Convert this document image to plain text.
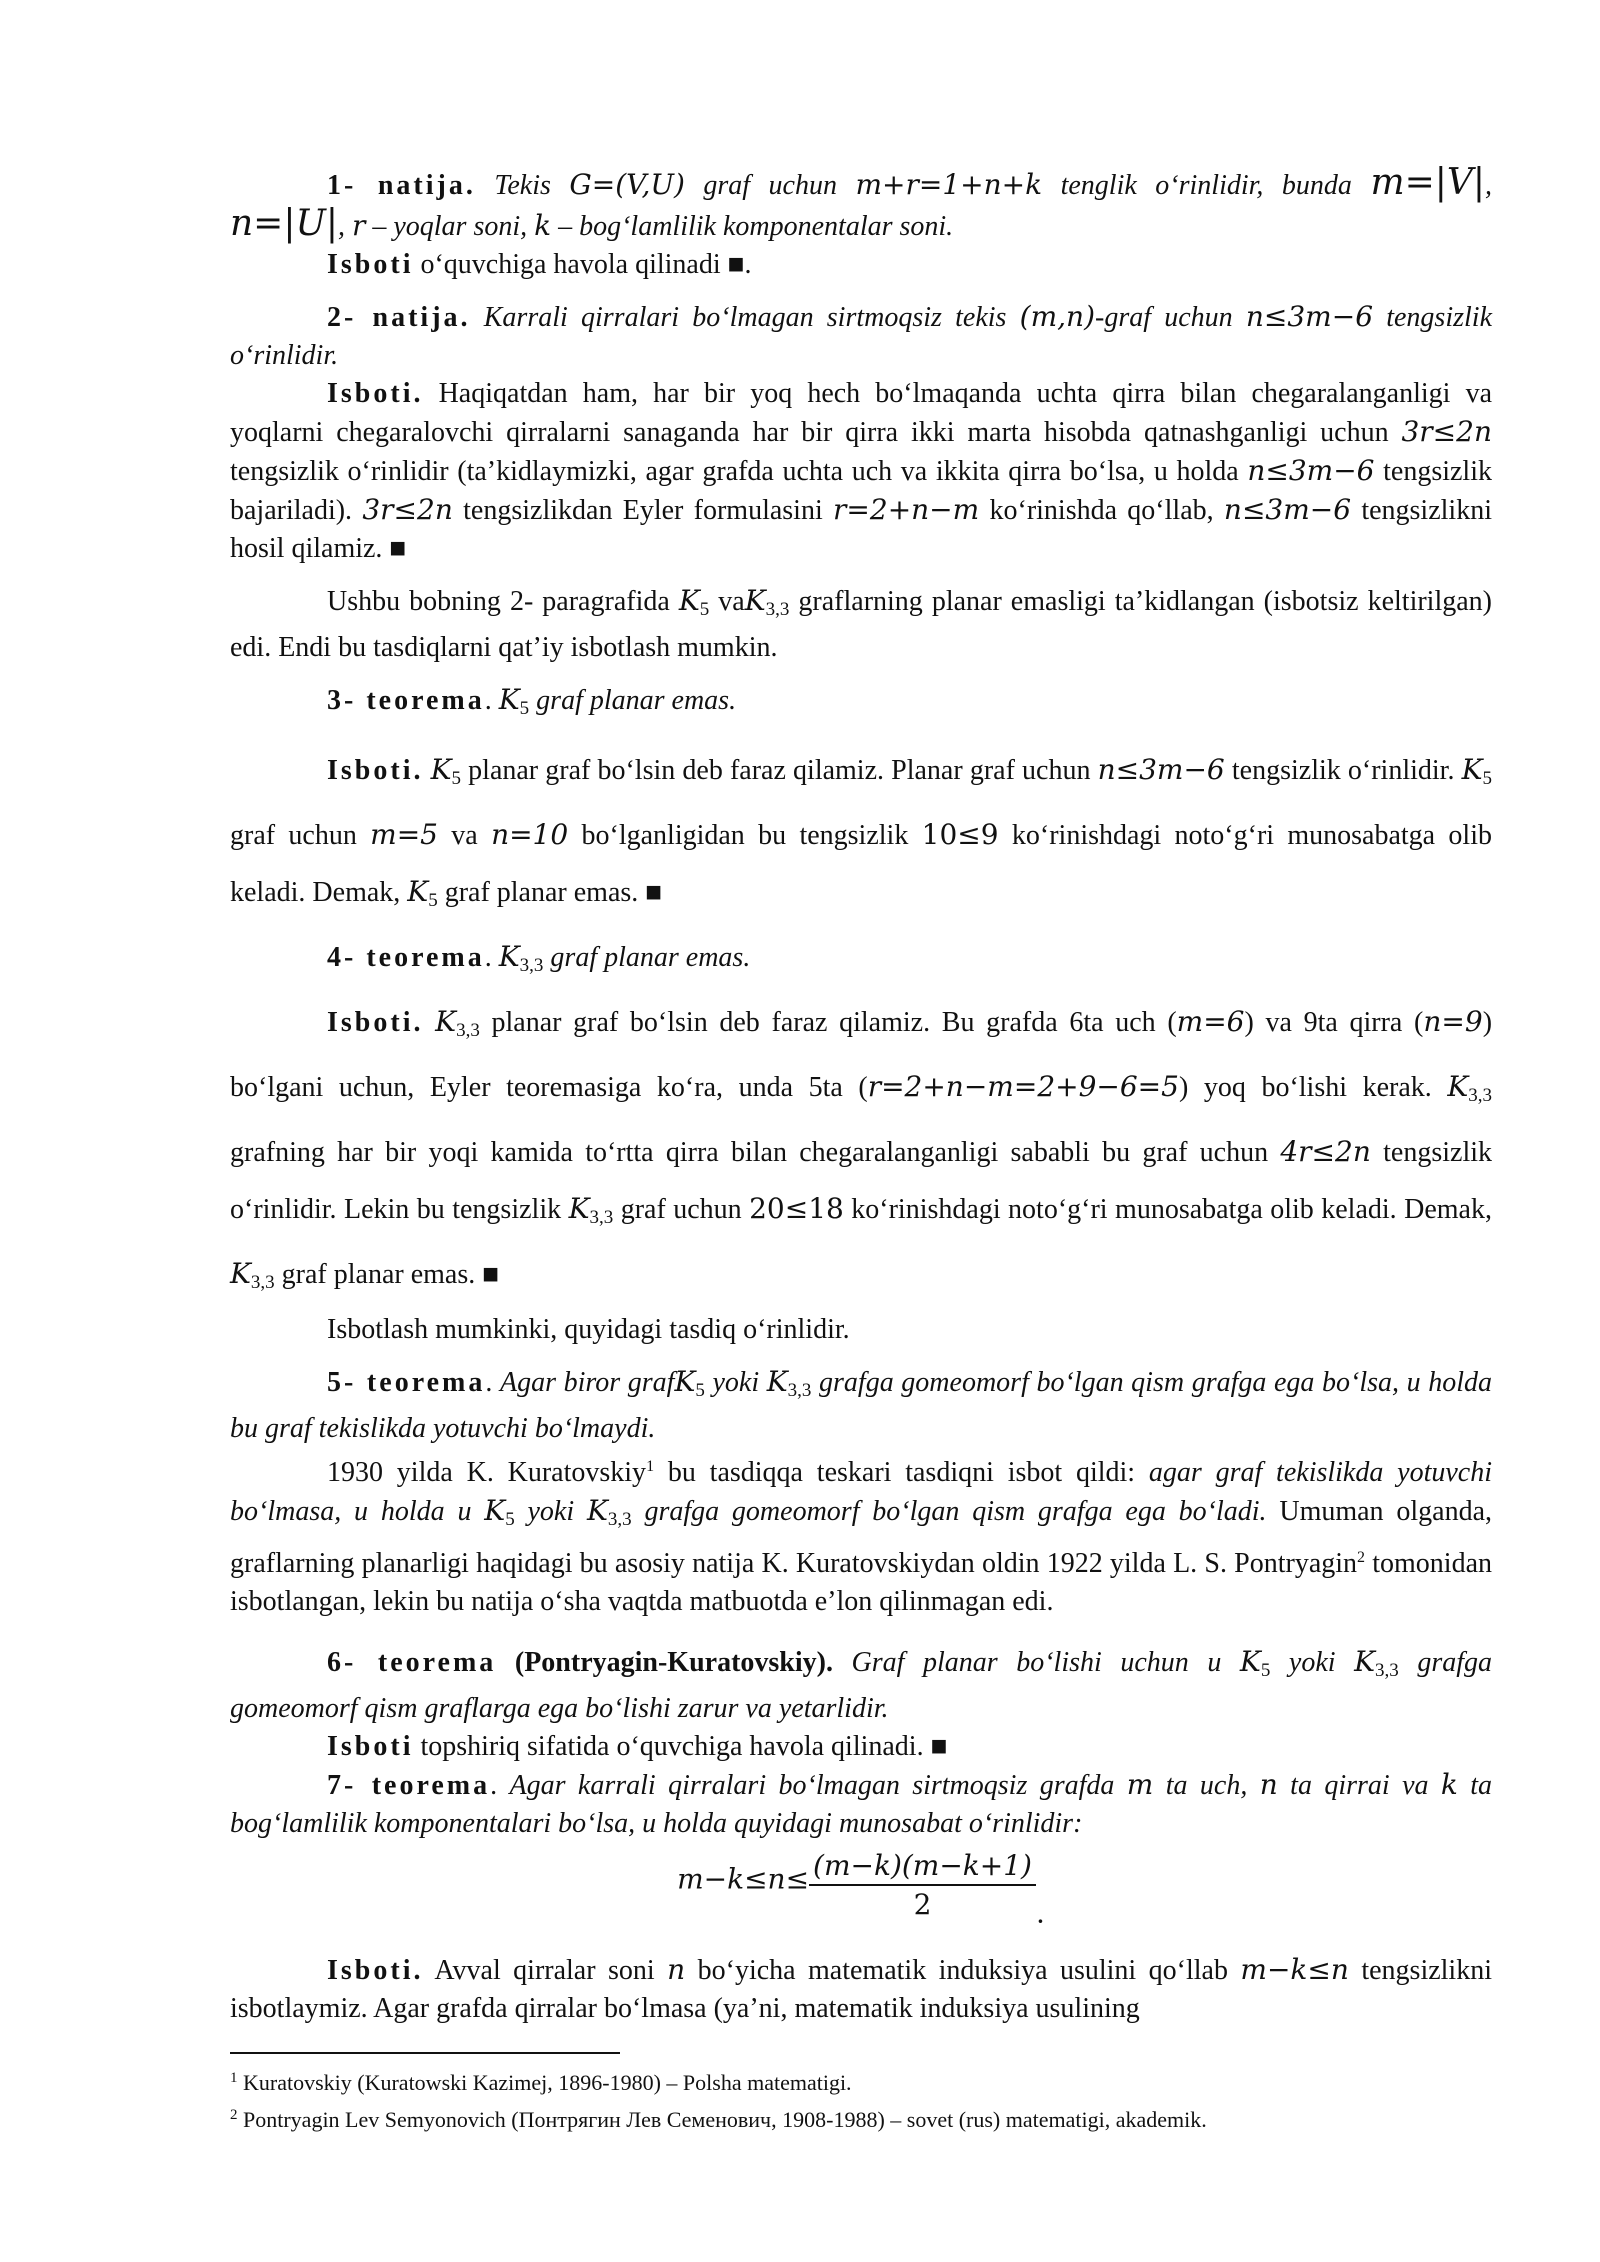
1- natija. Tekis G=(V,U) graf uchun m+r=1+n+k tenglik o‘rinlidir, bunda m=|V|, n=|U|, r – yoqlar soni, k – bog‘lamlilik komponentalar soni.

Isboti o‘quvchiga havola qilinadi ■.

2- natija. Karrali qirralari bo‘lmagan sirtmoqsiz tekis (m,n)-graf uchun n≤3m−6 tengsizlik o‘rinlidir.

Isboti. Haqiqatdan ham, har bir yoq hech bo‘lmaqanda uchta qirra bilan chegaralanganligi va yoqlarni chegaralovchi qirralarni sanaganda har bir qirra ikki marta hisobda qatnashganligi uchun 3r≤2n tengsizlik o‘rinlidir (ta’kidlaymizki, agar grafda uchta uch va ikkita qirra bo‘lsa, u holda n≤3m−6 tengsizlik bajariladi). 3r≤2n tengsizlikdan Eyler formulasini r=2+n−m ko‘rinishda qo‘llab, n≤3m−6 tengsizlikni hosil qilamiz. ■

Ushbu bobning 2- paragrafida $K_5$ vaK$_{3,3}$ graflarning planar emasligi ta’kidlangan (isbotsiz keltirilgan) edi. Endi bu tasdiqlarni qat’iy isbotlash mumkin.

3- teorema. $K_5$ graf planar emas.

Isboti. $K_5$ planar graf bo‘lsin deb faraz qilamiz. Planar graf uchun n≤3m−6 tengsizlik o‘rinlidir. $K_5$ graf uchun m=5 va n=10 bo‘lganligidan bu tengsizlik 10≤9 ko‘rinishdagi noto‘g‘ri munosabatga olib keladi. Demak, $K_5$ graf planar emas. ■

4- teorema. $K_{3,3}$ graf planar emas.

Isboti. $K_{3,3}$ planar graf bo‘lsin deb faraz qilamiz. Bu grafda 6ta uch (m=6) va 9ta qirra (n=9) bo‘lgani uchun, Eyler teoremasiga ko‘ra, unda 5ta (r=2+n−m=2+9−6=5) yoq bo‘lishi kerak. $K_{3,3}$ grafning har bir yoqi kamida to‘rtta qirra bilan chegaralanganligi sababli bu graf uchun 4r≤2n tengsizlik o‘rinlidir. Lekin bu tengsizlik $K_{3,3}$ graf uchun 20≤18 ko‘rinishdagi noto‘g‘ri munosabatga olib keladi. Demak, $K_{3,3}$ graf planar emas. ■

Isbotlash mumkinki, quyidagi tasdiq o‘rinlidir.

5- teorema. Agar biror grafK$_5$ yoki $K_{3,3}$ grafga gomeomorf bo‘lgan qism grafga ega bo‘lsa, u holda bu graf tekislikda yotuvchi bo‘lmaydi.

1930 yilda K. Kuratovskiy$^1$ bu tasdiqqa teskari tasdiqni isbot qildi: agar graf tekislikda yotuvchi bo‘lmasa, u holda u $K_5$ yoki $K_{3,3}$ grafga gomeomorf bo‘lgan qism grafga ega bo‘ladi. Umuman olganda, graflarning planarligi haqidagi bu asosiy natija K. Kuratovskiydan oldin 1922 yilda L. S. Pontryagin$^2$ tomonidan isbotlangan, lekin bu natija o‘sha vaqtda matbuotda e’lon qilinmagan edi.

6- teorema (Pontryagin-Kuratovskiy). Graf planar bo‘lishi uchun u $K_5$ yoki $K_{3,3}$ grafga gomeomorf qism graflarga ega bo‘lishi zarur va yetarlidir.

Isboti topshiriq sifatida o‘quvchiga havola qilinadi. ■

7- teorema. Agar karrali qirralari bo‘lmagan sirtmoqsiz grafda m ta uch, n ta qirrai va k ta bog‘lamlilik komponentalari bo‘lsa, u holda quyidagi munosabat o‘rinlidir:

$m-k\le n\le \frac{(m-k)(m-k+1)}{2}$ .

Isboti. Avval qirralar soni n bo‘yicha matematik induksiya usulini qo‘llab m−k≤n tengsizlikni isbotlaymiz. Agar grafda qirralar bo‘lmasa (ya’ni, matematik induksiya usulining

$^1$ Kuratovskiy (Kuratowski Kazimej, 1896-1980) – Polsha matematigi.

$^2$ Pontryagin Lev Semyonovich (Понтрягин Лев Семенович, 1908-1988) – sovet (rus) matematigi, akademik.
